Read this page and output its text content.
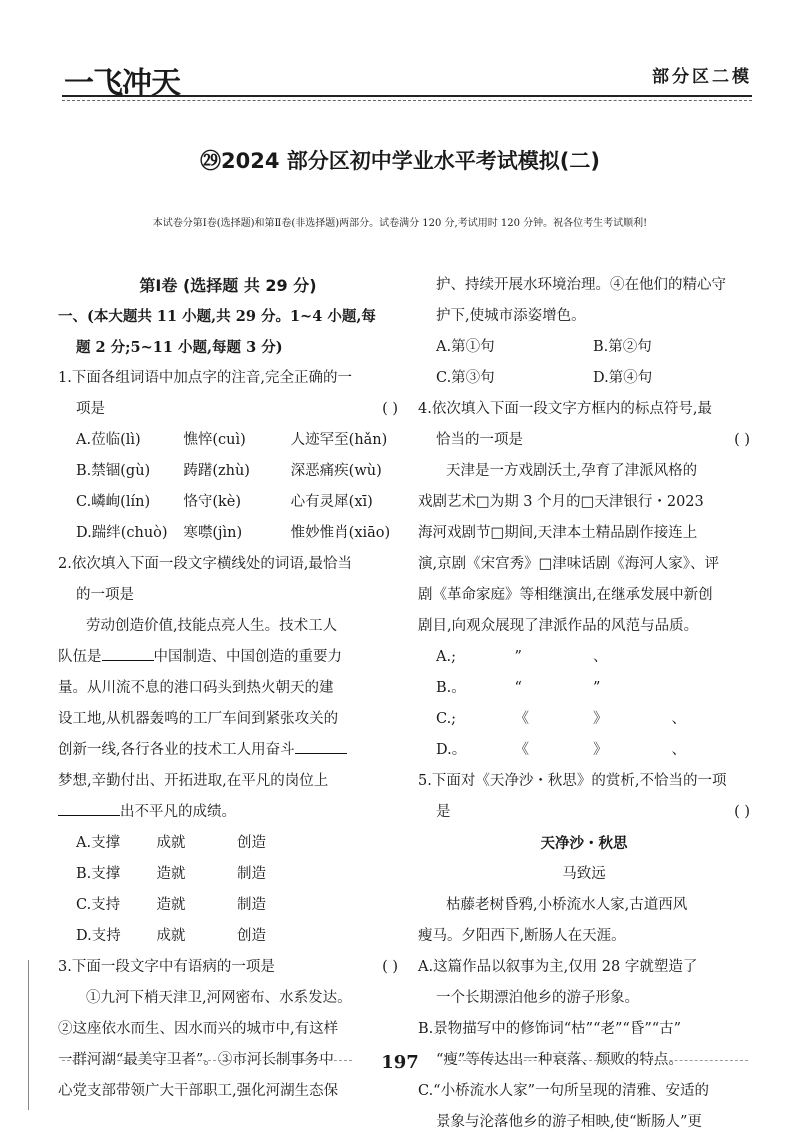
一飞冲天	部分区二模
㉙2024 部分区初中学业水平考试模拟(二)
本试卷分第Ⅰ卷(选择题)和第Ⅱ卷(非选择题)两部分。试卷满分 120 分,考试用时 120 分钟。祝各位考生考试顺利!

第Ⅰ卷 (选择题 共 29 分)

一、(本大题共 11 小题,共 29 分。1~4 小题,每

题 2 分;5~11 小题,每题 3 分)

1.下面各组词语中加点字的注音,完全正确的一

项是	( )

A.莅临(lì)	憔悴(cuì)	人迹罕至(hǎn)

B.禁锢(gù)	踌躇(zhù)	深恶痛疾(wù)

C.嶙峋(lín)	恪守(kè)	心有灵犀(xī)

D.踹绊(chuò)	寒噤(jìn)	惟妙惟肖(xiāo)

2.依次填入下面一段文字横线处的词语,最恰当

的一项是

劳动创造价值,技能点亮人生。技术工人

队伍是	中国制造、中国创造的重要力

量。从川流不息的港口码头到热火朝天的建

设工地,从机器轰鸣的工厂车间到紧张攻关的

创新一线,各行各业的技术工人用奋斗

梦想,辛勤付出、开拓进取,在平凡的岗位上

出不平凡的成绩。

A.支撑	成就	创造

B.支撑	造就	制造

C.支持	造就	制造

D.支持	成就	创造

3.下面一段文字中有语病的一项是	( )

①九河下梢天津卫,河网密布、水系发达。

②这座依水而生、因水而兴的城市中,有这样

一群河湖“最美守卫者”。③市河长制事务中

心党支部带领广大干部职工,强化河湖生态保

护、持续开展水环境治理。④在他们的精心守

护下,使城市添姿增色。

A.第①句	B.第②句

C.第③句	D.第④句

4.依次填入下面一段文字方框内的标点符号,最

恰当的一项是	( )

天津是一方戏剧沃土,孕育了津派风格的

戏剧艺术□为期 3 个月的□天津银行・2023

海河戏剧节□期间,天津本土精品剧作接连上

演,京剧《宋宫秀》□津味话剧《海河人家》、评

剧《革命家庭》等相继演出,在继承发展中新创

剧目,向观众展现了津派作品的风范与品质。

A.;	”	、

B.。	“	”

C.;	《	》	、

D.。	《	》	、

5.下面对《天净沙・秋思》的赏析,不恰当的一项

是	( )

天净沙・秋思

马致远

枯藤老树昏鸦,小桥流水人家,古道西风

瘦马。夕阳西下,断肠人在天涯。

A.这篇作品以叙事为主,仅用 28 字就塑造了

一个长期漂泊他乡的游子形象。

B.景物描写中的修饰词“枯”“老”“昏”“古”

“瘦”等传达出一种衰落、颓败的特点。

C.“小桥流水人家”一句所呈现的清雅、安适的

景象与沦落他乡的游子相映,使“断肠人”更

197
